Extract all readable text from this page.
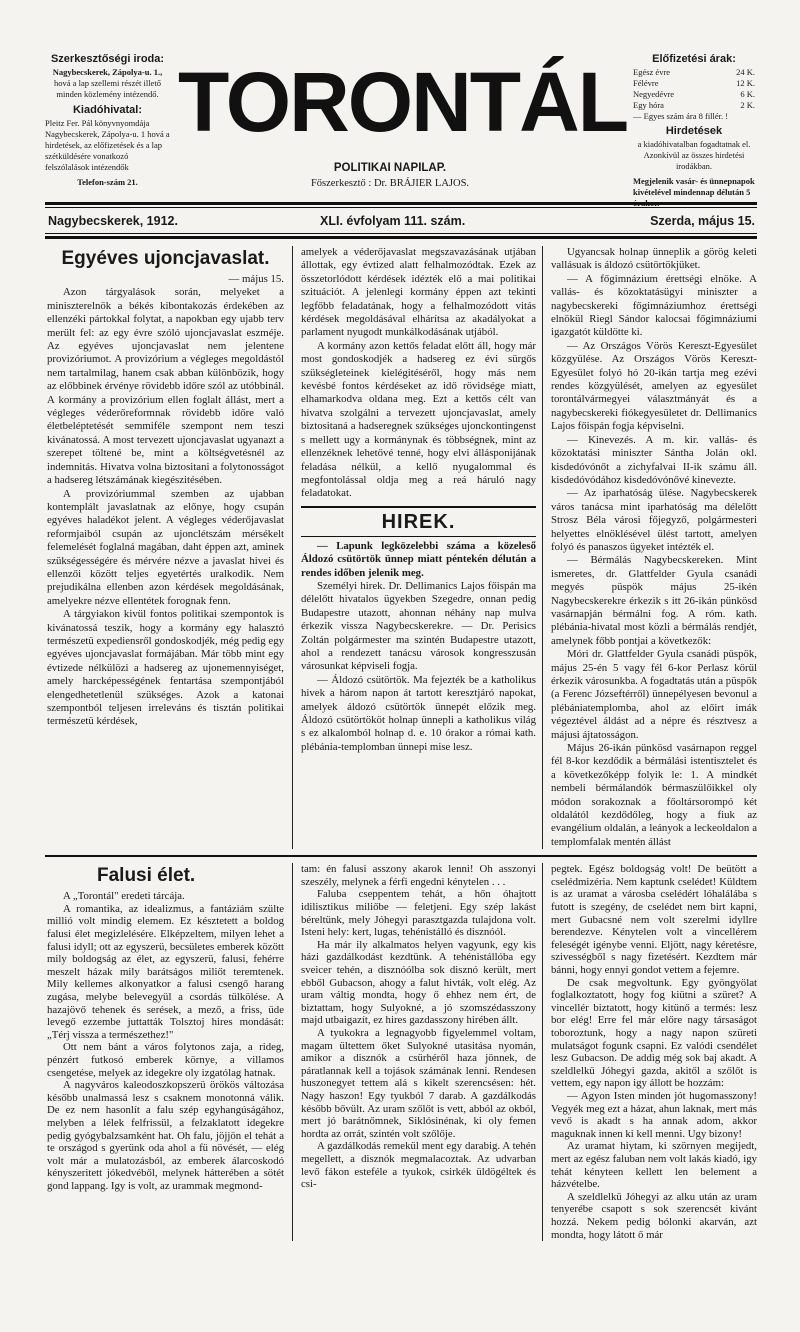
Szerkesztőségi iroda:
Nagybecskerek, Zápolya-u. 1.,
hová a lap szellemi részét illető minden közlemény intézendő.
Kiadóhivatal:
Pleitz Fer. Pál könyvnyomdája Nagybecskerek, Zápolya-u. 1 hová a hirdetések, az előfizetések és a lap szétküldésére vonatkozó felszólalások intézendők
Telefon-szám 21.
TORONTÁL
POLITIKAI NAPILAP.
Főszerkesztő : Dr. BRÁJIER LAJOS.
Előfizetési árak:
Egész évre	24 K.
Félévre	12 K.
Negyedévre	6 K.
Egy hóra	2 K.
— Egyes szám ára 8 fillér. !
Hirdetések
a kiadóhivatalban fogadtatnak el. Azonkívül az összes hirdetési irodákban.
Megjelenik vasár- és ünnepnapok kivételével mindennap délután 5
Nagybecskerek, 1912.	XLI. évfolyam 111. szám.	Szerda, május 15.
Egyéves ujoncjavaslat.

— május 15.

Azon tárgyalások során, melyeket a miniszterelnök a békés kibontakozás érdekében az ellenzéki pártokkal folytat, a napokban egy ujabb terv merült fel: az egy évre szóló ujoncjavaslat eszméje. Az egyéves ujoncjavaslat nem jelentene provizóriumot. A provizórium a végleges megoldástól nem tartalmilag, hanem csak abban különbözik, hogy az előbbinek érvénye rövidebb időre szól az utóbbinál. A kormány a provizórium ellen foglalt állást, mert a végleges véderőreformnak rövidebb időre való életbeléptetését semmiféle szempont nem teszi kivánatossá. A most tervezett ujoncjavaslat ugyanazt a szerepet töltené be, mint a költségvetésnél az indemnitás. Hivatva volna biztositani a folytonosságot a hadsereg létszámának kiegészitésében.

A provizóriummal szemben az ujabban kontemplált javaslatnak az előnye, hogy csupán egyéves haladékot jelent. A végleges véderőjavaslat reformjaiból csupán az ujonclétszám mérsékelt felemelését foglalná magában, daht éppen azt, aminek szükségességére és mérvére nézve a javaslat hivei és ellenzői között teljes egyetértés uralkodik. Nem prejudikálna ellenben azon kérdések megoldásának, amelyekre nézve ellentétek forognak fenn.

A tárgyiakon kivül fontos politikai szempontok is kivánatossá teszik, hogy a kormány egy halasztó természetü expediensről gondoskodjék, még pedig egy egyéves ujoncjavaslat formájában. Már több mint egy évtizede nélkülözi a hadsereg az ujonemennyiséget, amely harcképességének fentartása szempontjából elengedhetetlenül szükséges. Azok a katonai szempontból teljesen irreleváns és tisztán politikai természetü kérdések,

amelyek a véderőjavaslat megszavazásának utjában állottak, egy évtized alatt felhalmozódtak. Ezek az összetorlódott kérdések idézték elő a mai politikai szituációt. A jelenlegi kormány éppen azt tekinti legfőbb feladatának, hogy a felhalmozódott vitás kérdések megoldásával elhárítsa az akadályokat a parlament nyugodt munkálkodásának utjából.

A kormány azon kettős feladat előtt áll, hogy már most gondoskodjék a hadsereg ez évi sürgős szükségleteinek kielégitéséről, hogy más nem kevésbé fontos kérdéseket az idő rövidsége miatt, elhamarkodva oldana meg. Ezt a kettős célt van hivatva szolgálni a tervezett ujoncjavaslat, amely biztositaná a hadseregnek szükséges ujonckontingenst s mellett ugy a kormánynak és többségnek, mint az ellenzéknek lehetővé tenné, hogy elvi állásponijának feladása nélkül, a kellő nyugalommal és megfontolással oldja meg a reá háruló nagy feladatokat.

HIREK.

— Lapunk legközelebbi száma a közeleső Áldozó csütörtök ünnep miatt péntekén délután a rendes időben jelenik meg.

Személyi hirek. Dr. Dellimanics Lajos főispán ma délelőtt hivatalos ügyekben Szegedre, onnan pedig Budapestre utazott, ahonnan néhány nap mulva érkezik vissza Nagybecskerekre. — Dr. Perisics Zoltán polgármester ma szintén Budapestre utazott, ahol a rendezett tanácsu városok kongresszusán városunkat képviseli fogja.

— Áldozó csütörtök. Ma fejezték be a katholikus hivek a három napon át tartott keresztjáró napokat, amelyek áldozó csütörtök ünnepét előzik meg. Áldozó csütörtököt holnap ünnepli a katholikus világ s ez alkalomból holnap d. e. 10 órakor a római kath. plébánia-templomban ünnepi mise lesz.

Ugyancsak holnap ünneplik a görög keleti vallásuak is áldozó csütörtökjüket.

— A főgimnázium érettségi elnöke. A vallás- és közoktatásügyi miniszter a nagybecskereki főgimnáziumhoz érettségi elnökül Riegl Sándor kalocsai főgimnáziumi igazgatót küldötte ki.

— Az Országos Vörös Kereszt-Egyesület közgyülése. Az Országos Vörös Kereszt-Egyesület folyó hó 20-ikán tartja meg ezévi rendes közgyülését, amelyen az egyesület torontálvármegyei választmányát és a nagybecskereki fiókegyesületet dr. Dellimanics Lajos főispán fogja képviselni.

— Kinevezés. A m. kir. vallás- és közoktatási miniszter Sántha Jolán okl. kisdedóvónőt a zichyfalvai II-ik számu áll. kisdedóvódához kisdedóvónővé kinevezte.

— Az iparhatóság ülése. Nagybecskerek város tanácsa mint iparhatóság ma délelőtt Strosz Béla városi főjegyző, polgármesteri helyettes elnöklésével ülést tartott, amelyen folyó és panaszos ügyeket intézték el.

— Bérmálás Nagybecskereken. Mint ismeretes, dr. Glattfelder Gyula csanádi megyés püspök május 25-ikén Nagybecskerekre érkezik s itt 26-ikán pünkösd vasárnapján bérmálni fog. A róm. kath. plébánia-hivatal most közli a bérmálás rendjét, amelynek főbb pontjai a következők:

Móri dr. Glattfelder Gyula csanádi püspök, május 25-én 5 vagy fél 6-kor Perlasz körül érkezik városunkba. A fogadtatás után a püspök (a Ferenc Józseftérről) ünnepélyesen bevonul a plébániatemplomba, ahol az előirt imák végeztével áldást ad a népre és résztvesz a májusi ájtatosságon.

Május 26-ikán pünkösd vasárnapon reggel fél 8-kor kezdődik a bérmálási istentisztelet és a következőképp folyik le: 1. A mindkét nembeli bérmálandók bérmaszülőikkel oly módon sorakoznak a főoltársorompó két oldalától kezdődőleg, hogy a fiuk az evangélium oldalán, a leányok a leckeoldalon a templomfalak mentén állást

Falusi élet.

A „Torontál" eredeti tárcája.

A romantika, az idealizmus, a fantáziám szülte millió volt mindig elemem. Ez késztetett a boldog falusi élet megizlelésére. Elképzeltem, milyen lehet a falusi idyll; ott az egyszerü, becsületes emberek között mily boldogság az élet, az egyszerü, falusi, fehérre meszelt házak mily barátságos miliőt teremtenek. Mily kellemes alkonyatkor a falusi csengő harang zugása, melybe belevegyül a csordás tülkölése. A hazajövő tehenek és serések, a mező, a friss, üde levegő ezzembe juttatták Tolsztoj hires mondását: „Térj vissza a természethez!"

Ott nem bánt a város folytonos zaja, a rideg, pénzért futkosó emberek környe, a villamos csengetése, melyek az idegekre oly izgatólag hatnak.

A nagyváros kaleodoszkopszerü örökös változása később unalmassá lesz s csaknem monotonná válik. De ez nem hasonlít a falu szép egyhangúságához, melyben a lélek felfrissül, a felzaklatott idegekre pedig gyógybalzsamként hat. Oh falu, jöjjön el tehát a te országod s gyerünk oda ahol a fü növését, — elég volt már a mulatozásból, az emberek álarcoskodó kényszeritett jókedvéből, melynek hátterében a sötét gond lappang. Igy is volt, az urammak megmond-

tam: én falusi asszony akarok lenni! Oh asszonyi szeszély, melynek a férfi engedni kénytelen . . .

Faluba cseppentem tehát, a hőn óhajtott idilisztikus miliőbe — feletjeni. Egy szép lakást béreltünk, mely Jóhegyi parasztgazda tulajdona volt. Isteni hely: kert, lugas, tehénistálló és disznóól.

Ha már ily alkalmatos helyen vagyunk, egy kis házi gazdálkodást kezdtünk. A tehénistállóba egy sveicer tehén, a disznóólba sok disznó került, mert ebből Gubacson, ahogy a falut hivták, volt elég. Az uram váltig mondta, hogy ő ehhez nem ért, de biztattam, hogy Sulyokné, a jó szomszédasszony majd utbaigazít, ez hires gazdasszony hirében állt.

A tyukokra a legnagyobb figyelemmel voltam, magam ültettem őket Sulyokné utasitása nyomán, amikor a disznók a csürhéről haza jönnek, de páratlannak kell a tojások számának lenni. Rendesen huszonegyet tettem alá s kikelt szerencsésen: hét. Nagy haszon! Egy tyukból 7 darab. A gazdálkodás később bővült. Az uram szőlőt is vett, abból az okból, mert jó barátnőmnek, Siklósinénak, ki oly femen hordta az orrát, szintén volt szőlője.

A gazdálkodás remekül ment egy darabig. A tehén megellett, a disznók megmalacoztak. Az udvarban levő fákon esteféle a tyukok, csirkék üldögéltek és csi-

pegtek. Egész boldogság volt! De beütött a cselédmizéria. Nem kaptunk cselédet! Küldtem is az uramat a városba cselédért lóhalálába s futott is szegény, de cselédet nem birt kapni, mert Gubacsné nem volt szerelmi idyllre berendezve. Kénytelen volt a vincellérem feleségét igénybe venni. Eljött, nagy kéretésre, szivességből s nagy fizetésért. Kezdtem már bánni, hogy ennyi gondot vettem a fejemre.

De csak megvoltunk. Egy gyöngyölat foglalkoztatott, hogy fog kiütni a szüret? A vincellér biztatott, hogy kitünő a termés: lesz bor elég! Erre fel már előre nagy társaságot toboroztunk, hogy a nagy napon szüreti mulatságot fogunk csapni. Ez valódi csendélet lesz Gubacson. De addig még sok baj akadt. A szeldlelkü Jóhegyi gazda, akitől a szőlőt is vettem, egy napon igy állott be hozzám:

— Agyon Isten minden jót hugomasszony! Vegyék meg ezt a házat, ahun laknak, mert más vevő is akadt s ha annak adom, akkor maguknak innen ki kell menni. Ugy bizony!

Az uramat hiytam, ki szörnyen megijedt, mert az egész faluban nem volt lakás kiadó, igy tehát kényteen kellett len belement a házvételbe.

A szeldlelkü Jóhegyi az alku után az uram tenyerébe csapott s sok szerencsét kivánt hozzá. Nekem pedig bólonki akarván, azt mondta, hogy látott ő már
